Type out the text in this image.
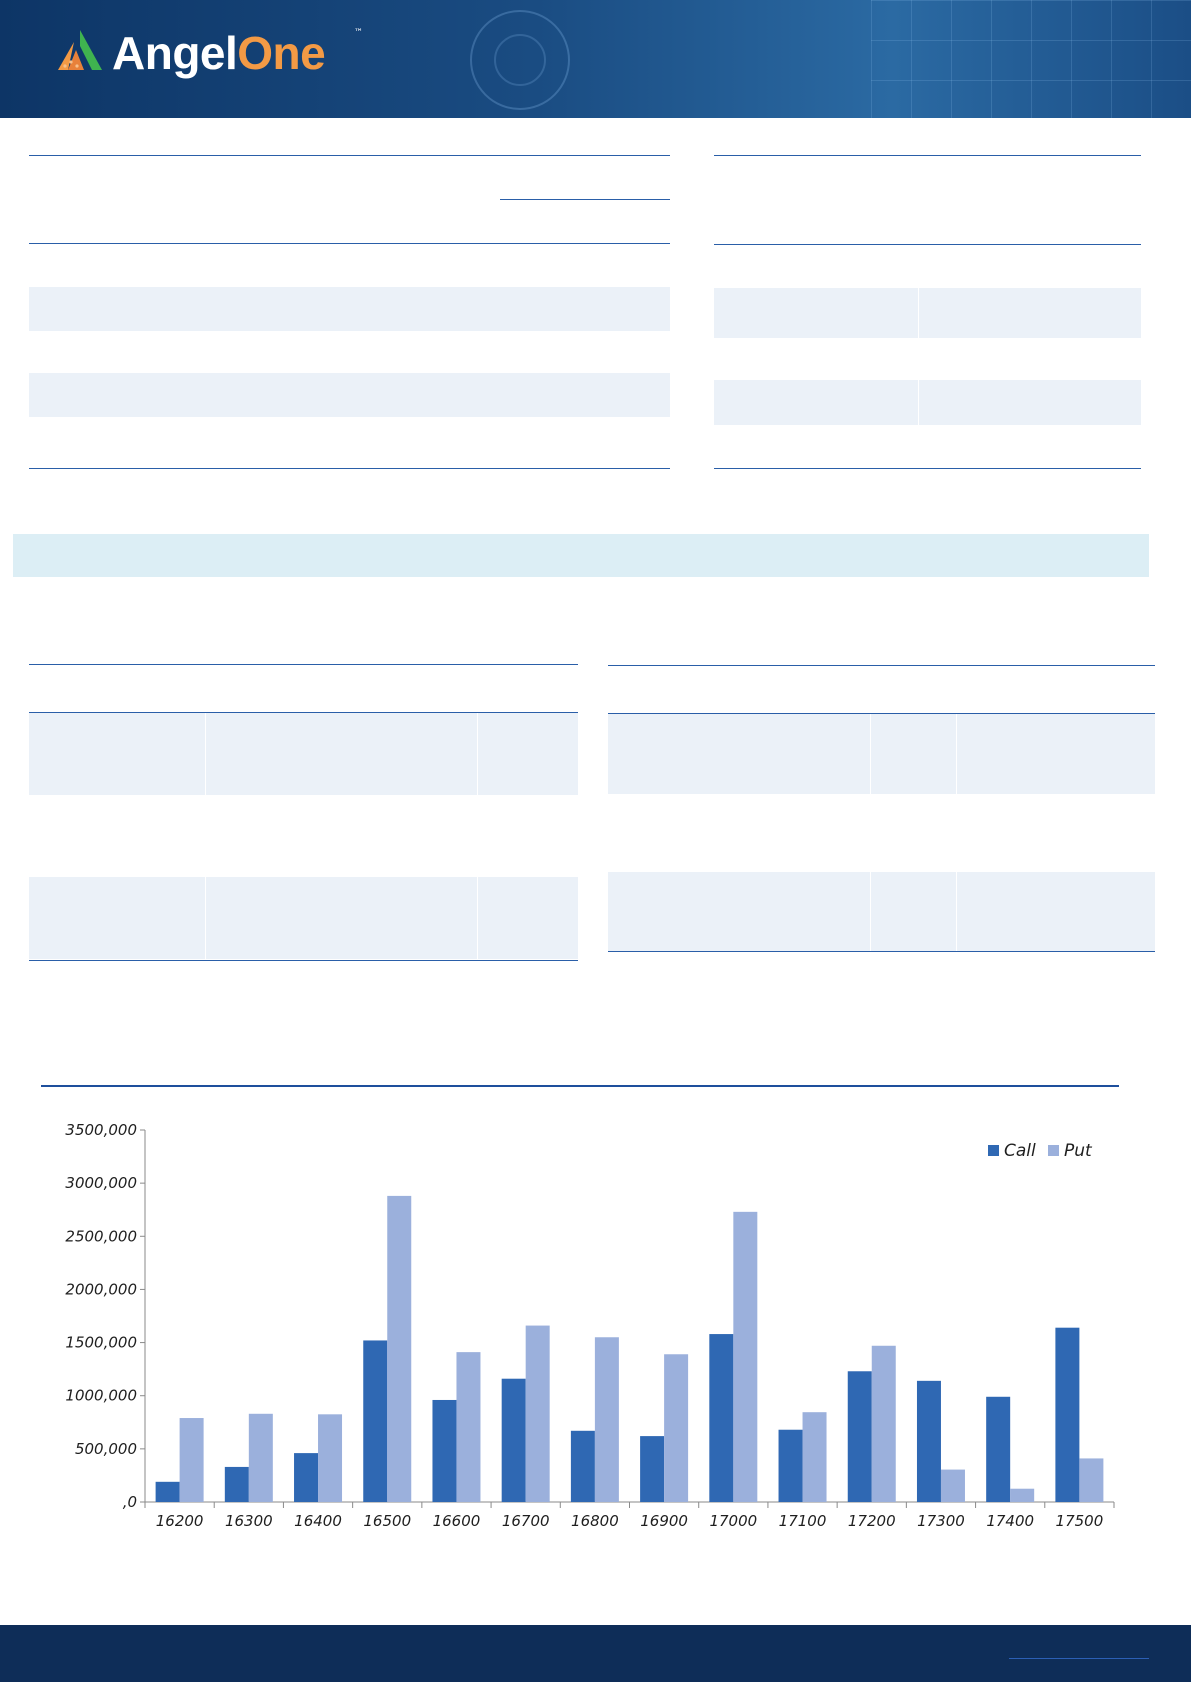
AngelOne	™
,0
500,000
1000,000
1500,000
2000,000
2500,000
3000,000
3500,000
16200 16300 16400 16500 16600 16700 16800 16900 17000 17100 17200 17300 17400 17500
Call Put
